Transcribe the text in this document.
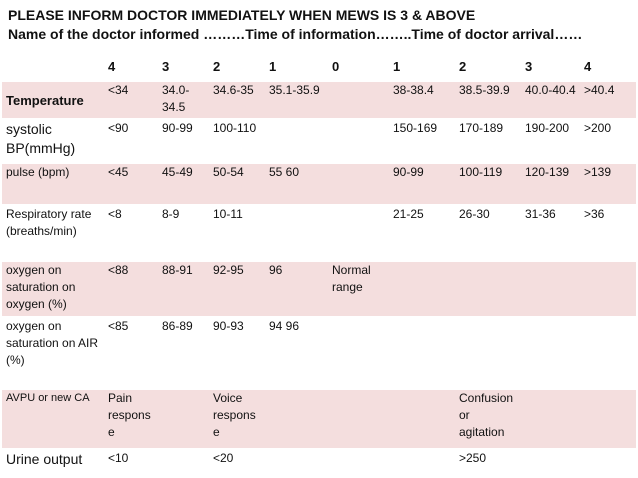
PLEASE INFORM DOCTOR IMMEDIATELY WHEN MEWS IS 3 & ABOVE
Name of the doctor informed ………Time of information……..Time of doctor arrival……
	4	3	2	1	0	1	2	3	4
Temperature	<34	34.0-34.5	34.6-35	35.1-35.9		38-38.4	38.5-39.9	40.0-40.4	>40.4
systolic BP(mmHg)	<90	90-99	100-110			150-169	170-189	190-200	>200
pulse (bpm)	<45	45-49	50-54	55 60		90-99	100-119	120-139	>139
Respiratory rate (breaths/min)	<8	8-9	10-11			21-25	26-30	31-36	>36
oxygen on saturation on oxygen (%)	<88	88-91	92-95	96	Normal range				
oxygen on saturation on AIR (%)	<85	86-89	90-93	94 96					
AVPU or new CA	Pain response		Voice response				Confusion or agitation		
Urine output	<10		<20				>250		
